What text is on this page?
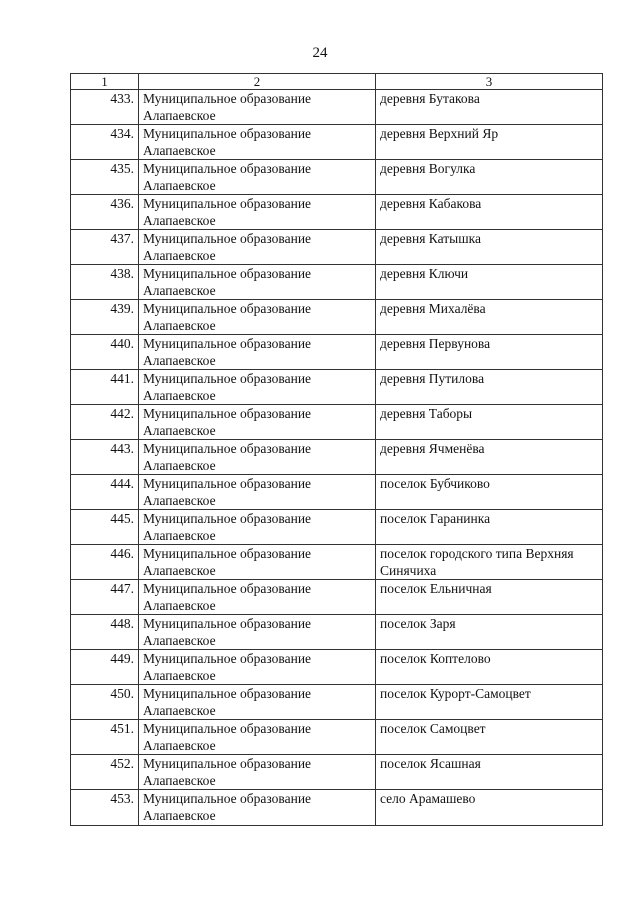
24
1	2	3
433.	Муниципальное образование Алапаевское	деревня Бутакова
434.	Муниципальное образование Алапаевское	деревня Верхний Яр
435.	Муниципальное образование Алапаевское	деревня Вогулка
436.	Муниципальное образование Алапаевское	деревня Кабакова
437.	Муниципальное образование Алапаевское	деревня Катышка
438.	Муниципальное образование Алапаевское	деревня Ключи
439.	Муниципальное образование Алапаевское	деревня Михалёва
440.	Муниципальное образование Алапаевское	деревня Первунова
441.	Муниципальное образование Алапаевское	деревня Путилова
442.	Муниципальное образование Алапаевское	деревня Таборы
443.	Муниципальное образование Алапаевское	деревня Ячменёва
444.	Муниципальное образование Алапаевское	поселок Бубчиково
445.	Муниципальное образование Алапаевское	поселок Гаранинка
446.	Муниципальное образование Алапаевское	поселок городского типа Верхняя Синячиха
447.	Муниципальное образование Алапаевское	поселок Ельничная
448.	Муниципальное образование Алапаевское	поселок Заря
449.	Муниципальное образование Алапаевское	поселок Коптелово
450.	Муниципальное образование Алапаевское	поселок Курорт-Самоцвет
451.	Муниципальное образование Алапаевское	поселок Самоцвет
452.	Муниципальное образование Алапаевское	поселок Ясашная
453.	Муниципальное образование Алапаевское	село Арамашево
